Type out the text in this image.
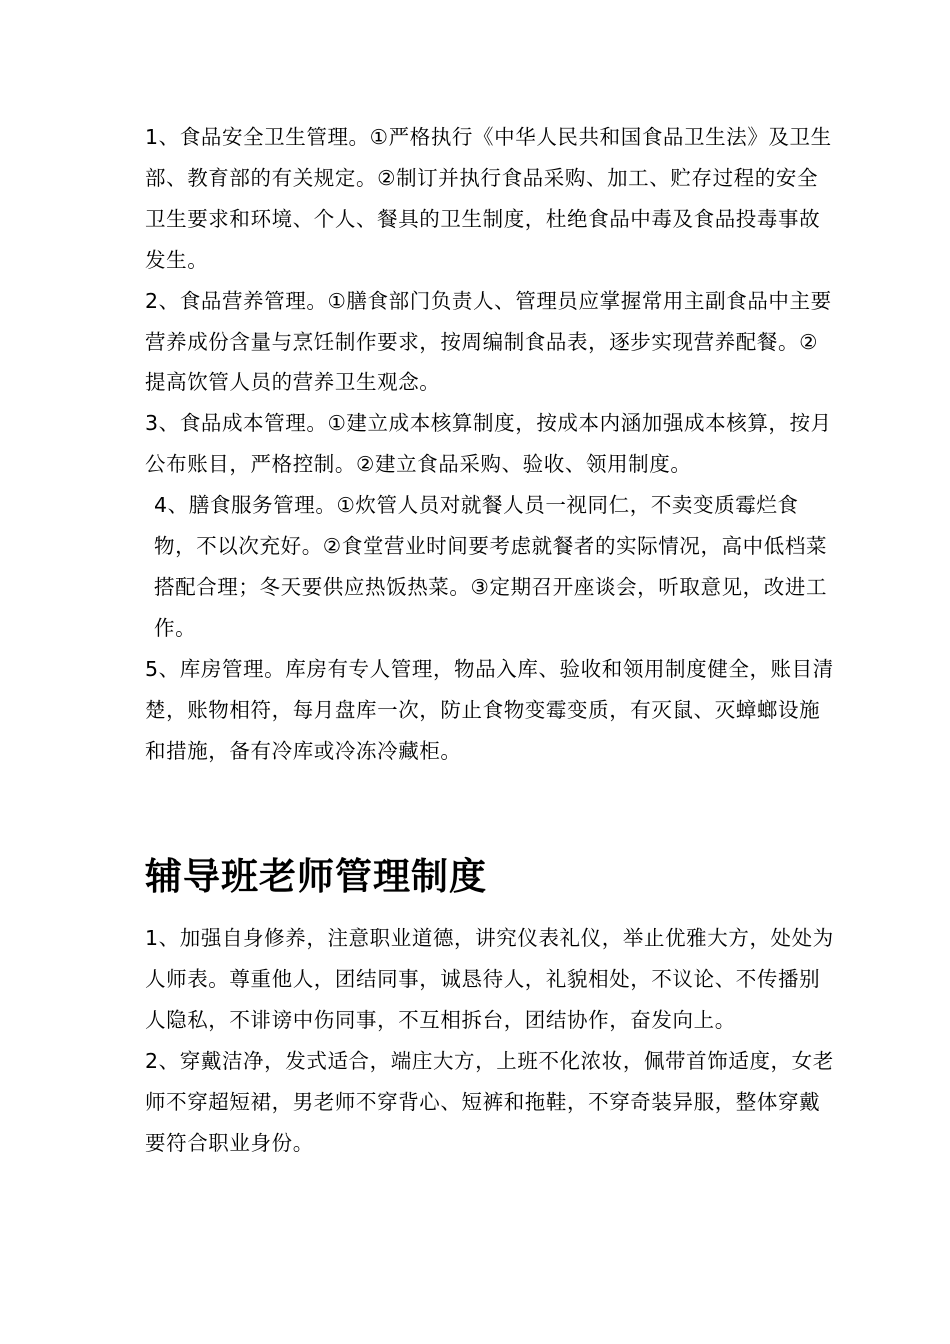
1、食品安全卫生管理。①严格执行《中华人民共和国食品卫生法》及卫生部、教育部的有关规定。②制订并执行食品采购、加工、贮存过程的安全卫生要求和环境、个人、餐具的卫生制度，杜绝食品中毒及食品投毒事故发生。

2、食品营养管理。①膳食部门负责人、管理员应掌握常用主副食品中主要营养成份含量与烹饪制作要求，按周编制食品表，逐步实现营养配餐。②提高饮管人员的营养卫生观念。

3、食品成本管理。①建立成本核算制度，按成本内涵加强成本核算，按月公布账目，严格控制。②建立食品采购、验收、领用制度。

4、膳食服务管理。①炊管人员对就餐人员一视同仁，不卖变质霉烂食物，不以次充好。②食堂营业时间要考虑就餐者的实际情况，高中低档菜搭配合理；冬天要供应热饭热菜。③定期召开座谈会，听取意见，改进工作。

5、库房管理。库房有专人管理，物品入库、验收和领用制度健全，账目清楚，账物相符，每月盘库一次，防止食物变霉变质，有灭鼠、灭蟑螂设施和措施，备有冷库或冷冻冷藏柜。

辅导班老师管理制度

1、加强自身修养，注意职业道德，讲究仪表礼仪，举止优雅大方，处处为人师表。尊重他人，团结同事，诚恳待人，礼貌相处，不议论、不传播别人隐私，不诽谤中伤同事，不互相拆台，团结协作，奋发向上。

2、穿戴洁净，发式适合，端庄大方，上班不化浓妆，佩带首饰适度，女老师不穿超短裙，男老师不穿背心、短裤和拖鞋，不穿奇装异服，整体穿戴要符合职业身份。
